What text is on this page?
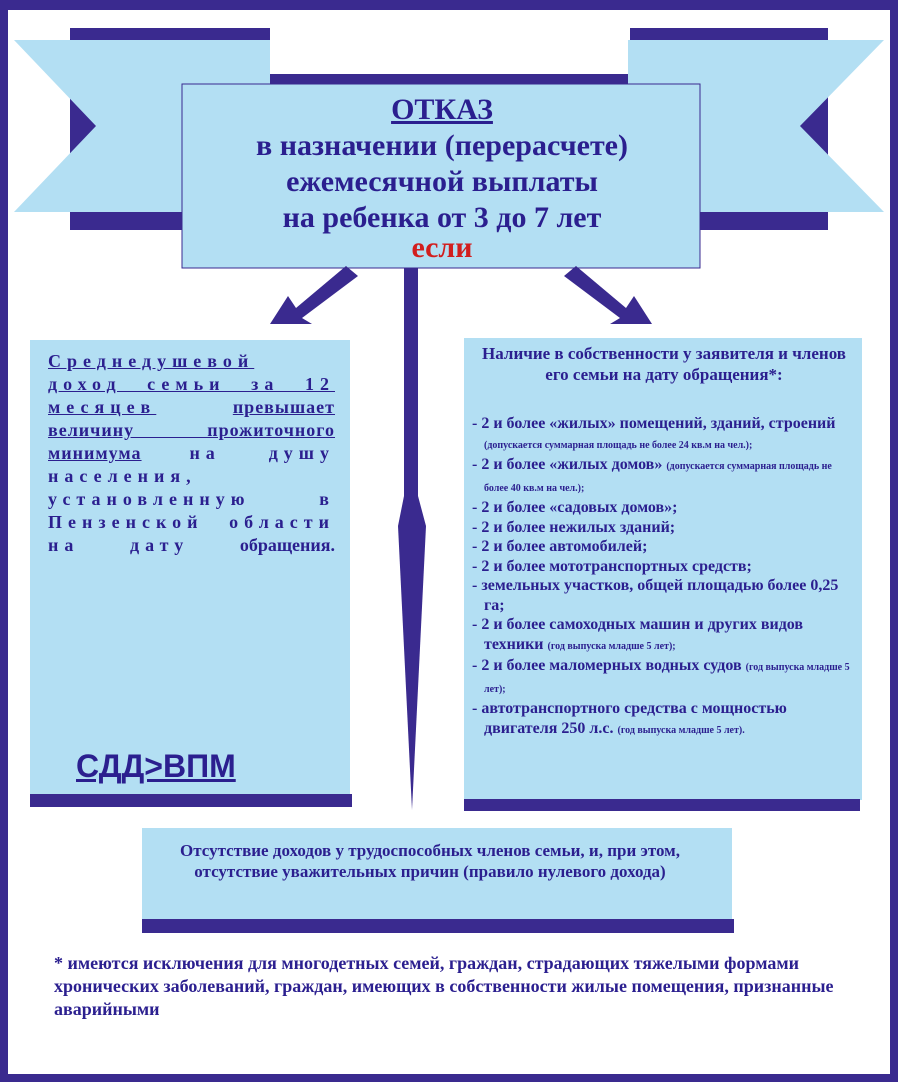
ОТКАЗ
в назначении (перерасчете)
ежемесячной выплаты
на ребенка от 3 до 7 лет
если
Среднедушевой доход семьи за 12 месяцев	превышает величину прожиточного минимума	на душу населения, установленную в Пензенской области на дату	обращения.
СДД>ВПМ
Наличие в собственности у заявителя и членов его семьи на дату обращения*:
- 2 и более «жилых» помещений, зданий, строений (допускается суммарная площадь не более 24 кв.м на чел.);
- 2 и более «жилых домов» (допускается суммарная площадь не более 40 кв.м на чел.);
- 2 и более «садовых домов»;
- 2 и более нежилых зданий;
- 2 и более автомобилей;
- 2 и более мототранспортных средств;
- земельных участков, общей площадью более 0,25 га;
- 2 и более самоходных машин и других видов техники (год выпуска младше 5 лет);
- 2 и более маломерных водных судов (год выпуска младше 5 лет);
- автотранспортного средства с мощностью двигателя 250 л.с. (год выпуска младше 5 лет).
Отсутствие доходов у трудоспособных членов семьи, и, при этом, отсутствие уважительных причин (правило нулевого дохода)
* имеются исключения для многодетных семей, граждан, страдающих тяжелыми формами хронических заболеваний, граждан, имеющих в собственности жилые помещения, признанные аварийными
